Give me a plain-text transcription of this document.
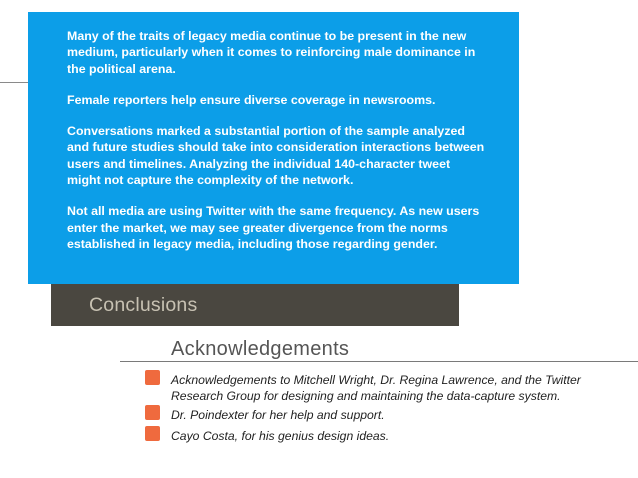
Many of the traits of legacy media continue to be present in the new medium, particularly when it comes to reinforcing male dominance in the political arena.

Female reporters help ensure diverse coverage in newsrooms.

Conversations marked a substantial portion of the sample analyzed and future studies should take into consideration interactions between users and timelines. Analyzing the individual 140-character tweet might not capture the complexity of the network.

Not all media are using Twitter with the same frequency. As new users enter the market, we may see greater divergence from the norms established in legacy media, including those regarding gender.

Conclusions
Acknowledgements
Acknowledgements to Mitchell Wright, Dr. Regina Lawrence, and the Twitter Research Group for designing and maintaining the data-capture system.
Dr. Poindexter for her help and support.
Cayo Costa, for his genius design ideas.
